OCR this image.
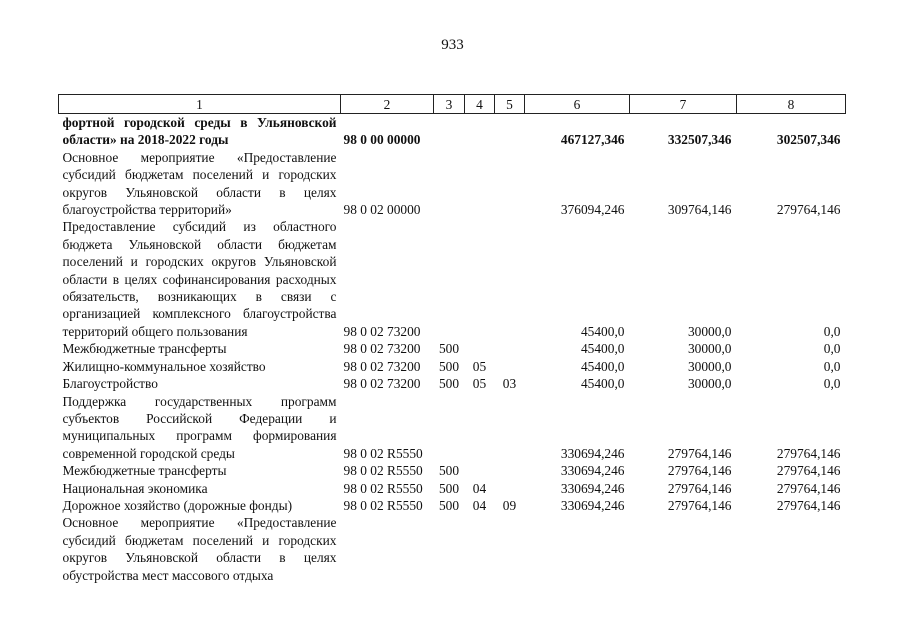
933
1	2	3	4	5	6	7	8
фортной городской среды в Ульяновской области» на 2018-2022 годы	98 0 00 00000				467127,346	332507,346	302507,346
Основное мероприятие «Предоставление субсидий бюджетам поселений и городских округов Ульяновской области в целях благоустройства территорий»	98 0 02 00000				376094,246	309764,146	279764,146
Предоставление субсидий из областного бюджета Ульяновской области бюджетам поселений и городских округов Ульяновской области в целях софинансирования расходных обязательств, возникающих в связи с организацией комплексного благоустройства территорий общего пользования	98 0 02 73200				45400,0	30000,0	0,0
Межбюджетные трансферты	98 0 02 73200	500			45400,0	30000,0	0,0
Жилищно-коммунальное хозяйство	98 0 02 73200	500	05		45400,0	30000,0	0,0
Благоустройство	98 0 02 73200	500	05	03	45400,0	30000,0	0,0
Поддержка государственных программ субъектов Российской Федерации и муниципальных программ формирования современной городской среды	98 0 02 R5550				330694,246	279764,146	279764,146
Межбюджетные трансферты	98 0 02 R5550	500			330694,246	279764,146	279764,146
Национальная экономика	98 0 02 R5550	500	04		330694,246	279764,146	279764,146
Дорожное хозяйство (дорожные фонды)	98 0 02 R5550	500	04	09	330694,246	279764,146	279764,146
Основное мероприятие «Предоставление субсидий бюджетам поселений и городских округов Ульяновской области в целях обустройства мест массового отдыха							
